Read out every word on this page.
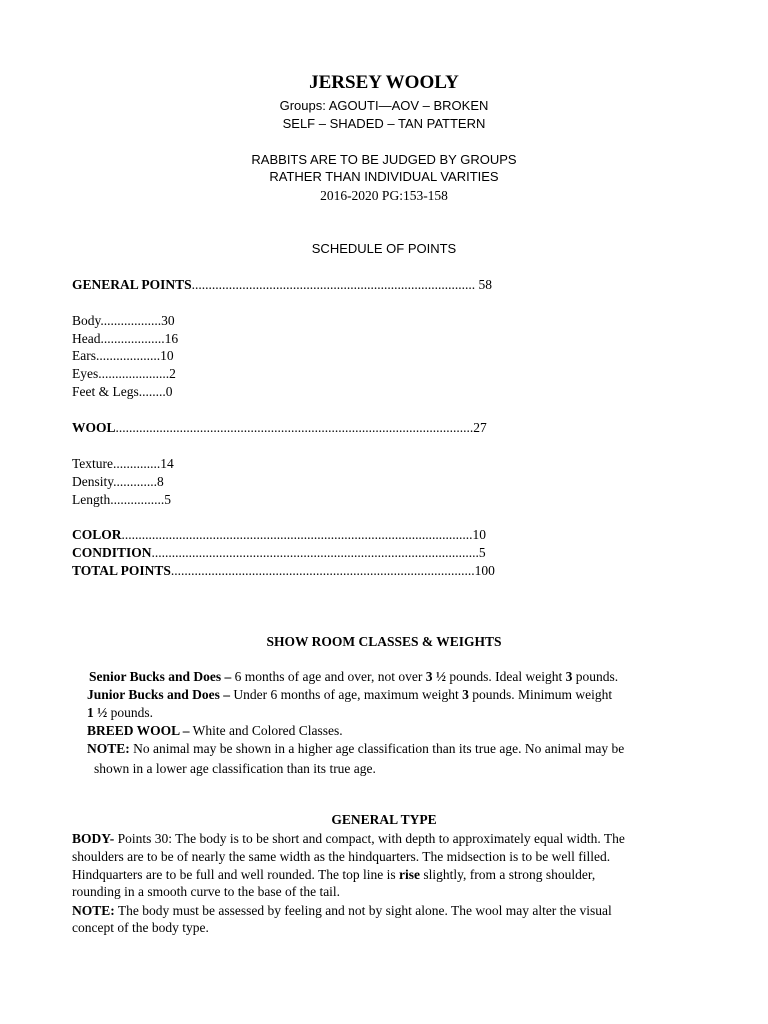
JERSEY WOOLY
Groups: AGOUTI—AOV – BROKEN
SELF – SHADED – TAN PATTERN
RABBITS ARE TO BE JUDGED BY GROUPS
RATHER THAN INDIVIDUAL VARITIES
2016-2020 PG:153-158
SCHEDULE OF POINTS
GENERAL POINTS.................................................................................... 58
Body..................30
Head...................16
Ears...................10
Eyes.....................2
Feet & Legs........0
WOOL..........................................................................................................27
Texture..............14
Density.............8
Length................5
COLOR........................................................................................................10
CONDITION.................................................................................................5
TOTAL POINTS..........................................................................................100
SHOW ROOM CLASSES & WEIGHTS
Senior Bucks and Does – 6 months of age and over, not over 3 ½ pounds. Ideal weight 3 pounds.
Junior Bucks and Does – Under 6 months of age, maximum weight 3 pounds. Minimum weight
1 ½ pounds.
BREED WOOL – White and Colored Classes.
NOTE: No animal may be shown in a higher age classification than its true age. No animal may be
shown in a lower age classification than its true age.
GENERAL TYPE
BODY- Points 30: The body is to be short and compact, with depth to approximately equal width. The
shoulders are to be of nearly the same width as the hindquarters. The midsection is to be well filled.
Hindquarters are to be full and well rounded. The top line is rise slightly, from a strong shoulder,
rounding in a smooth curve to the base of the tail.
NOTE: The body must be assessed by feeling and not by sight alone. The wool may alter the visual
concept of the body type.
